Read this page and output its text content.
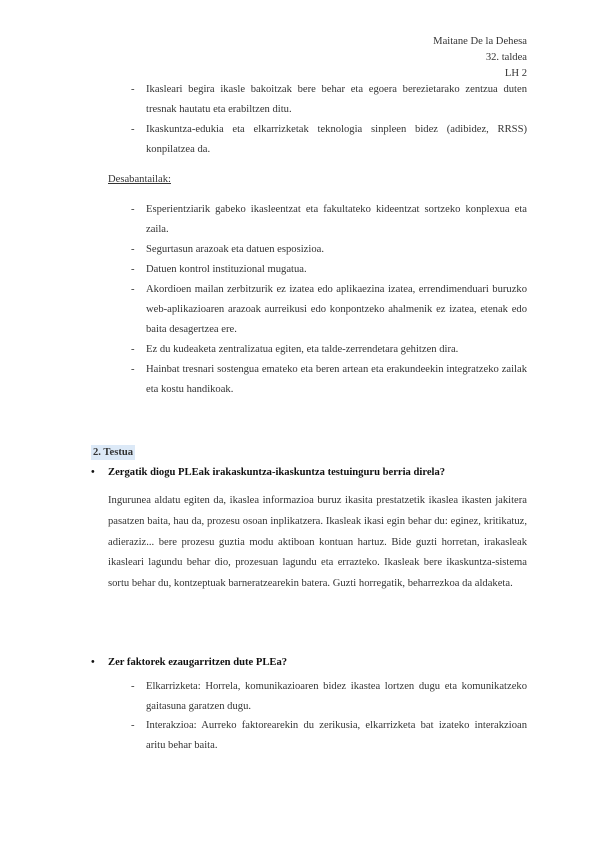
Maitane De la Dehesa
32. taldea
LH 2
- Ikasleari begira ikasle bakoitzak bere behar eta egoera berezietarako zentzua duten tresnak hautatu eta erabiltzen ditu.
- Ikaskuntza-edukia eta elkarrizketak teknologia sinpleen bidez (adibidez, RRSS) konpilatzea da.
Desabantailak:
- Esperientziarik gabeko ikasleentzat eta fakultateko kideentzat sortzeko konplexua eta zaila.
- Segurtasun arazoak eta datuen esposizioa.
- Datuen kontrol instituzional mugatua.
- Akordioen mailan zerbitzurik ez izatea edo aplikaezina izatea, errendimenduari buruzko web-aplikazioaren arazoak aurreikusi edo konpontzeko ahalmenik ez izatea, etenak edo baita desagertzea ere.
- Ez du kudeaketa zentralizatua egiten, eta talde-zerrendetara gehitzen dira.
- Hainbat tresnari sostengua emateko eta beren artean eta erakundeekin integratzeko zailak eta kostu handikoak.
2. Testua
• Zergatik diogu PLEak irakaskuntza-ikaskuntza testuinguru berria direla?
Ingurunea aldatu egiten da, ikaslea informazioa buruz ikasita prestatzetik ikaslea ikasten jakitera pasatzen baita, hau da, prozesu osoan inplikatzera. Ikasleak ikasi egin behar du: eginez, kritikatuz, adieraziz... bere prozesu guztia modu aktiboan kontuan hartuz. Bide guzti horretan, irakasleak ikasleari lagundu behar dio, prozesuan lagundu eta errazteko. Ikasleak bere ikaskuntza-sistema sortu behar du, kontzeptuak barneratzearekin batera. Guzti horregatik, beharrezkoa da aldaketa.
• Zer faktorek ezaugarritzen dute PLEa?
- Elkarrizketa: Horrela, komunikazioaren bidez ikastea lortzen dugu eta komunikatzeko gaitasuna garatzen dugu.
- Interakzioa: Aurreko faktorearekin du zerikusia, elkarrizketa bat izateko interakzioan aritu behar baita.
